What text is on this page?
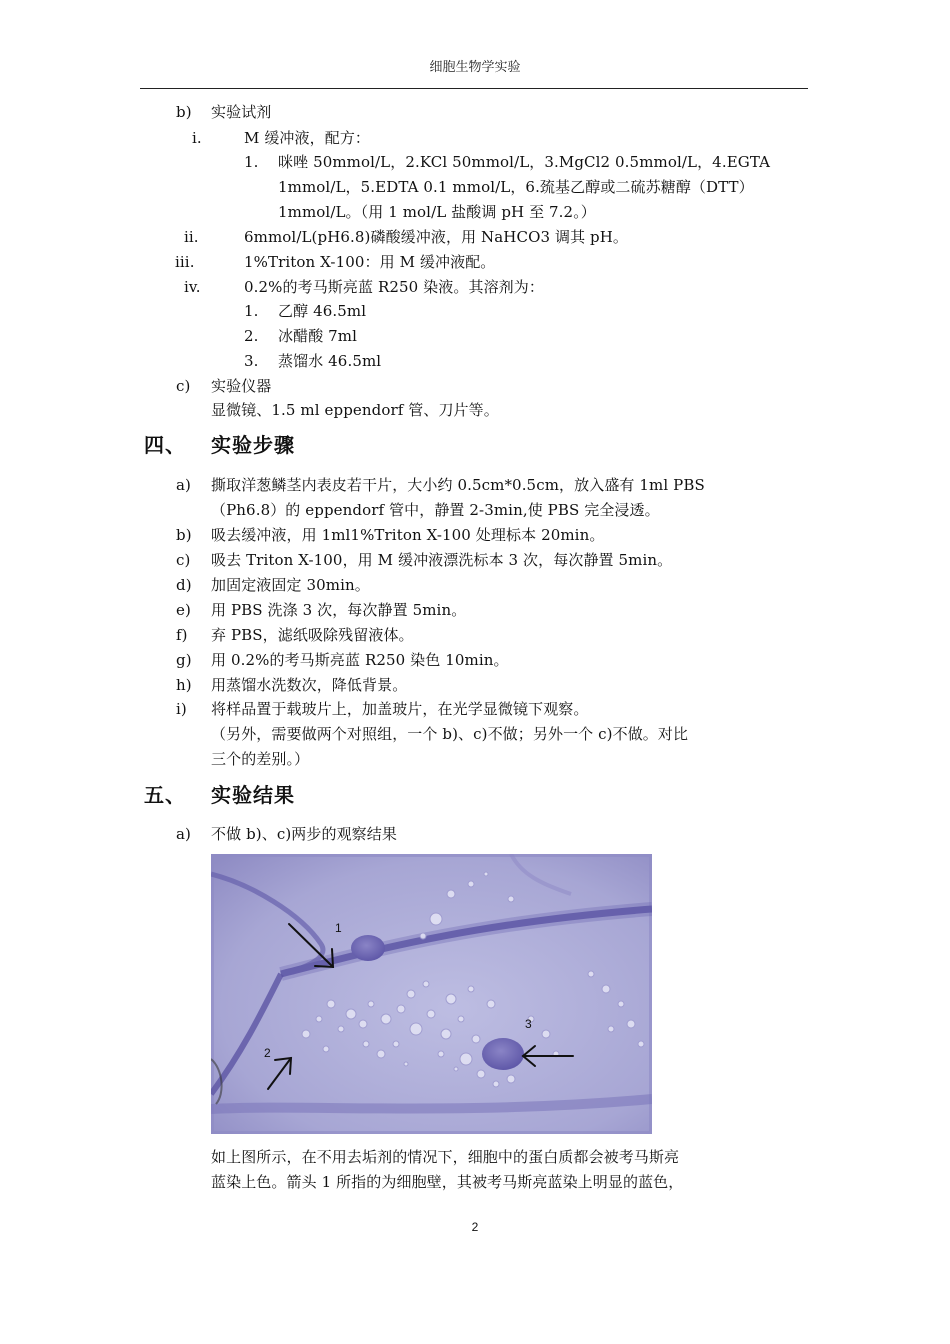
细胞生物学实验
b) 实验试剂
i.	M 缓冲液，配方：
1. 咪唑 50mmol/L，2.KCl 50mmol/L，3.MgCl2 0.5mmol/L，4.EGTA
1mmol/L，5.EDTA 0.1 mmol/L，6.巯基乙醇或二硫苏糖醇（DTT）
1mmol/L。（用 1 mol/L 盐酸调 pH 至 7.2。）
ii.	6mmol/L(pH6.8)磷酸缓冲液，用 NaHCO3 调其 pH。
iii.	1%Triton X-100：用 M 缓冲液配。
iv.	0.2%的考马斯亮蓝 R250 染液。其溶剂为：
1. 乙醇 46.5ml
2. 冰醋酸 7ml
3. 蒸馏水 46.5ml
c) 实验仪器
显微镜、1.5 ml eppendorf 管、刀片等。
四、 实验步骤
a) 撕取洋葱鳞茎内表皮若干片，大小约 0.5cm*0.5cm，放入盛有 1ml PBS
（Ph6.8）的 eppendorf 管中，静置 2-3min,使 PBS 完全浸透。
b) 吸去缓冲液，用 1ml1%Triton X-100 处理标本 20min。
c) 吸去 Triton X-100，用 M 缓冲液漂洗标本 3 次，每次静置 5min。
d) 加固定液固定 30min。
e) 用 PBS 洗涤 3 次，每次静置 5min。
f) 弃 PBS，滤纸吸除残留液体。
g) 用 0.2%的考马斯亮蓝 R250 染色 10min。
h) 用蒸馏水洗数次，降低背景。
i) 将样品置于载玻片上，加盖玻片，在光学显微镜下观察。
（另外，需要做两个对照组，一个 b)、c)不做；另外一个 c)不做。对比
三个的差别。）
五、 实验结果
a) 不做 b)、c)两步的观察结果
1
2
3
如上图所示，在不用去垢剂的情况下，细胞中的蛋白质都会被考马斯亮
蓝染上色。箭头 1 所指的为细胞壁，其被考马斯亮蓝染上明显的蓝色，
2
